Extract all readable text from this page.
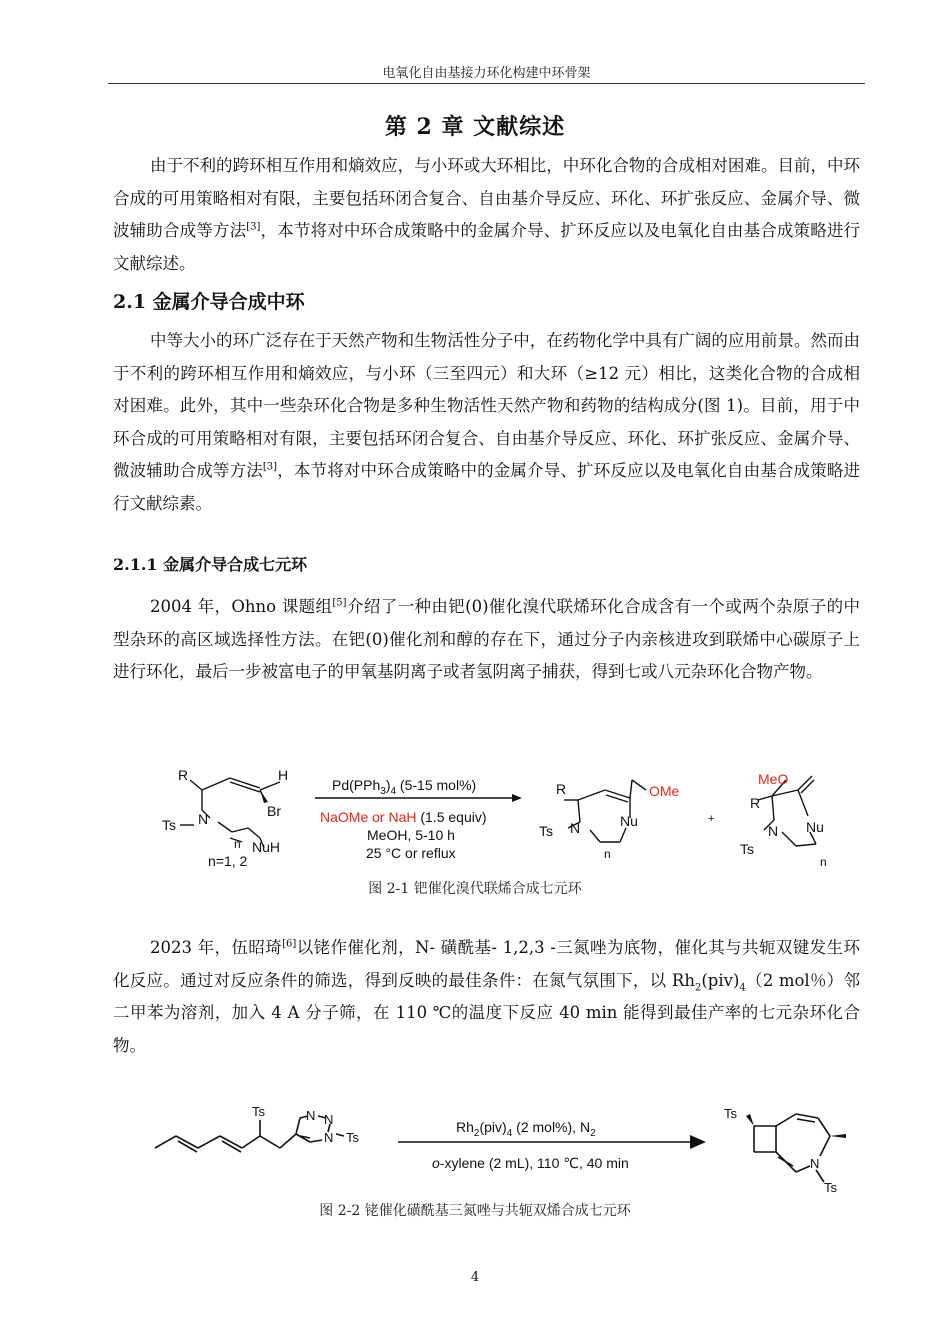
电氧化自由基接力环化构建中环骨架
第 2 章 文献综述

由于不利的跨环相互作用和熵效应，与小环或大环相比，中环化合物的合成相对困难。目前，中环合成的可用策略相对有限，主要包括环闭合复合、自由基介导反应、环化、环扩张反应、金属介导、微波辅助合成等方法[3]，本节将对中环合成策略中的金属介导、扩环反应以及电氧化自由基合成策略进行文献综述。

2.1 金属介导合成中环

中等大小的环广泛存在于天然产物和生物活性分子中，在药物化学中具有广阔的应用前景。然而由于不利的跨环相互作用和熵效应，与小环（三至四元）和大环（≥12 元）相比，这类化合物的合成相对困难。此外，其中一些杂环化合物是多种生物活性天然产物和药物的结构成分(图 1)。目前，用于中环合成的可用策略相对有限，主要包括环闭合复合、自由基介导反应、环化、环扩张反应、金属介导、微波辅助合成等方法[3]，本节将对中环合成策略中的金属介导、扩环反应以及电氧化自由基合成策略进行文献综素。

2.1.1 金属介导合成七元环

2004 年，Ohno 课题组[5]介绍了一种由钯(0)催化溴代联烯环化合成含有一个或两个杂原子的中型杂环的高区域选择性方法。在钯(0)催化剂和醇的存在下，通过分子内亲核进攻到联烯中心碳原子上进行环化，最后一步被富电子的甲氧基阴离子或者氢阴离子捕获，得到七或八元杂环化合物产物。

R	H
Br
Ts N
n NuH
n=1, 2
$Pd(PPh_3)_4$ (5-15 mol%)
NaOMe or NaH (1.5 equiv)
MeOH, 5-10 h
25 °C or reflux
R	OMe
Ts N	Nu
n
+
MeO
R
Ts
N Nu
n
图 2-1 钯催化溴代联烯合成七元环

2023 年，伍昭琦[6]以铑作催化剂，N- 磺酰基- 1,2,3 -三氮唑为底物，催化其与共轭双键发生环化反应。通过对反应条件的筛选，得到反映的最佳条件：在氮气氛围下，以 $Rh_2(piv)_4(2$ mol％）邻二甲苯为溶剂，加入 4 A 分子筛，在 110 ℃的温度下反应 40 min 能得到最佳产率的七元杂环化合物。

Ts	N N
N Ts
$Rh_2(piv)_4$ (2 mol%), $N_2$
o-xylene (2 mL), 110 ℃, 40 min
Ts
N
Ts
图 2-2 铑催化磺酰基三氮唑与共轭双烯合成七元环
4
